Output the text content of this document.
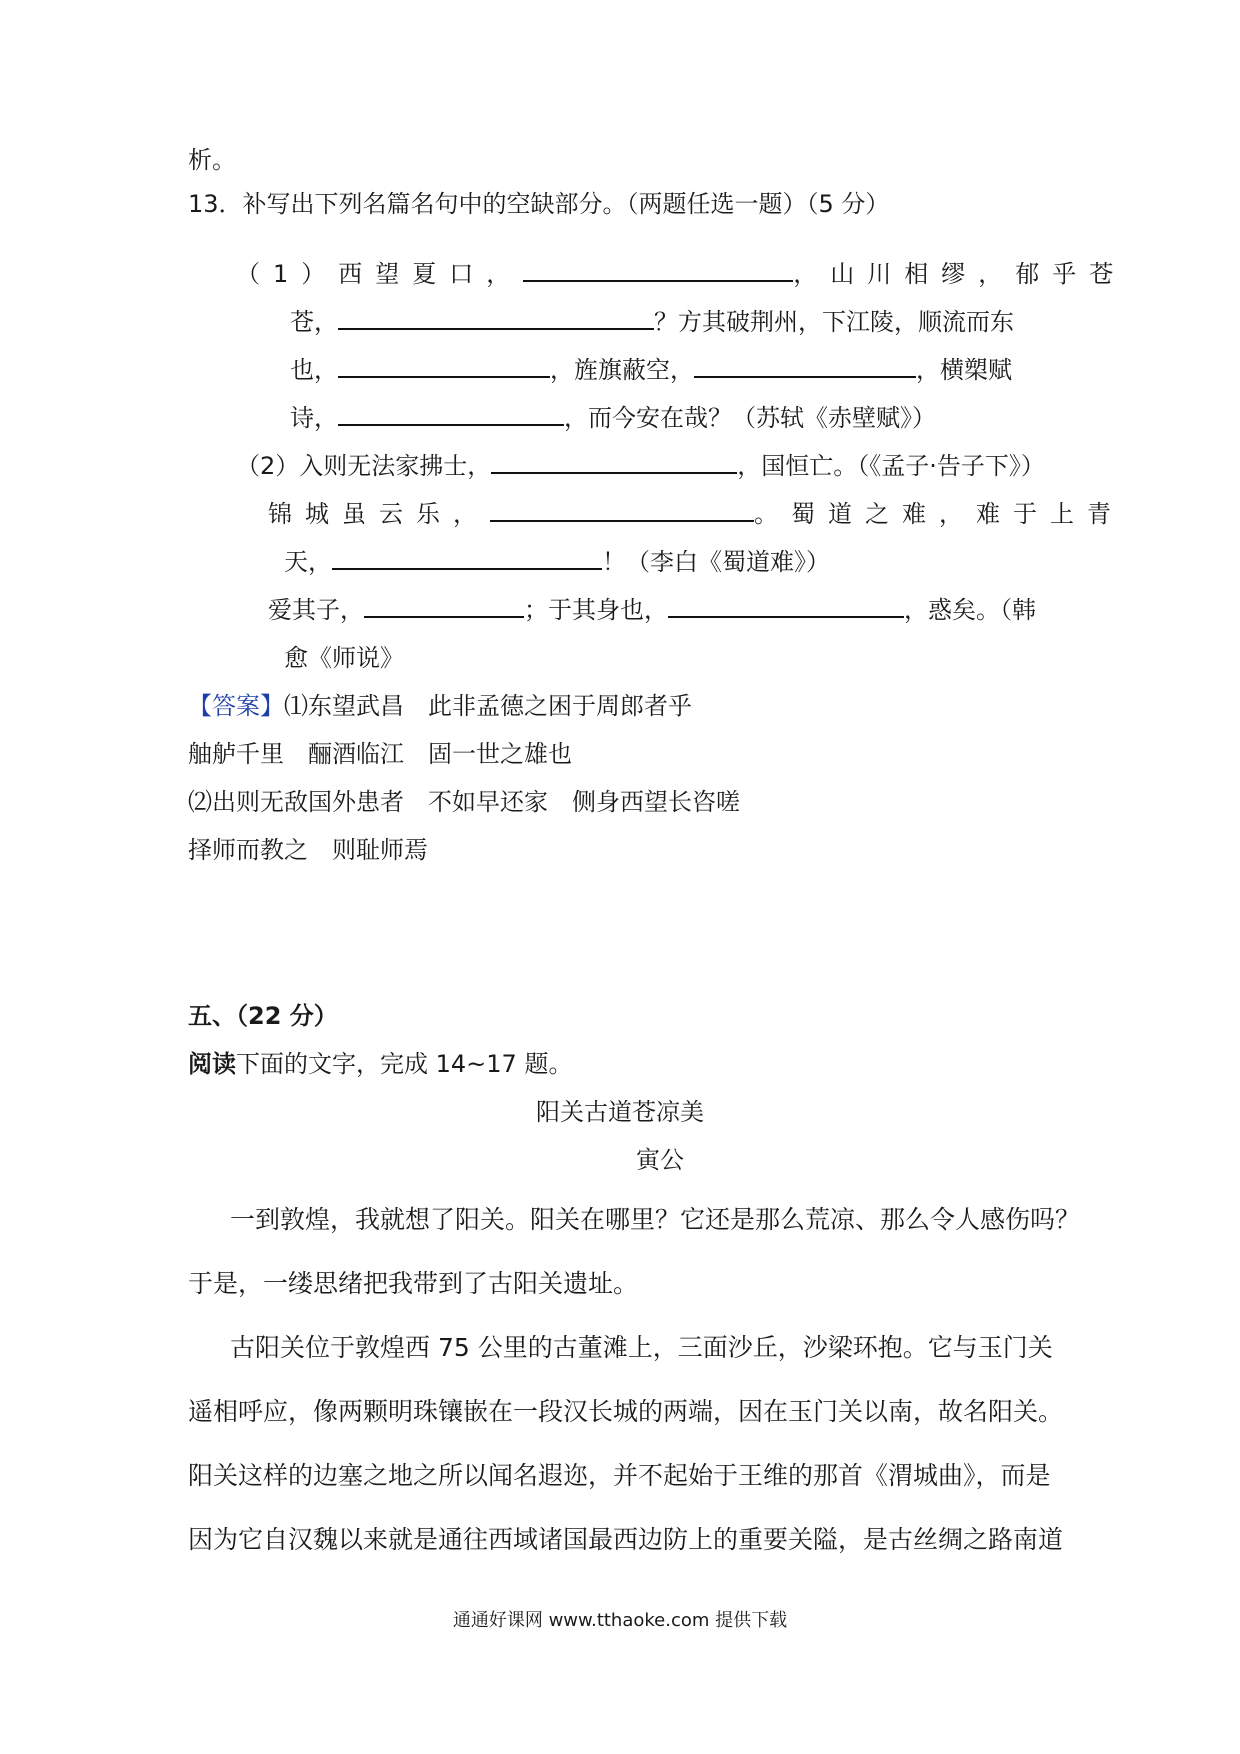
析。
13．补写出下列名篇名句中的空缺部分。（两题任选一题）（5 分）
（1）西望夏口，	，山川相缪，郁乎苍
苍，	？方其破荆州，下江陵，顺流而东
也，	，旌旗蔽空，	，横槊赋
诗，	，而今安在哉？（苏轼《赤壁赋》）
（2）入则无法家拂士，	，国恒亡。（《孟子·告子下》）
锦城虽云乐，	。蜀道之难，难于上青
天，	！（李白《蜀道难》）
爱其子，	；于其身也，	，惑矣。（韩
愈《师说》
【答案】⑴东望武昌　此非孟德之困于周郎者乎
舳舻千里　酾酒临江　固一世之雄也
⑵出则无敌国外患者　不如早还家　侧身西望长咨嗟
择师而教之　则耻师焉
五、（22 分）
阅读下面的文字，完成 14~17 题。
阳关古道苍凉美
寅公
一到敦煌，我就想了阳关。阳关在哪里？它还是那么荒凉、那么令人感伤吗？
于是，一缕思绪把我带到了古阳关遗址。
古阳关位于敦煌西 75 公里的古董滩上，三面沙丘，沙梁环抱。它与玉门关
遥相呼应，像两颗明珠镶嵌在一段汉长城的两端，因在玉门关以南，故名阳关。
阳关这样的边塞之地之所以闻名遐迩，并不起始于王维的那首《渭城曲》，而是
因为它自汉魏以来就是通往西域诸国最西边防上的重要关隘，是古丝绸之路南道
通通好课网 www.tthaoke.com 提供下载
